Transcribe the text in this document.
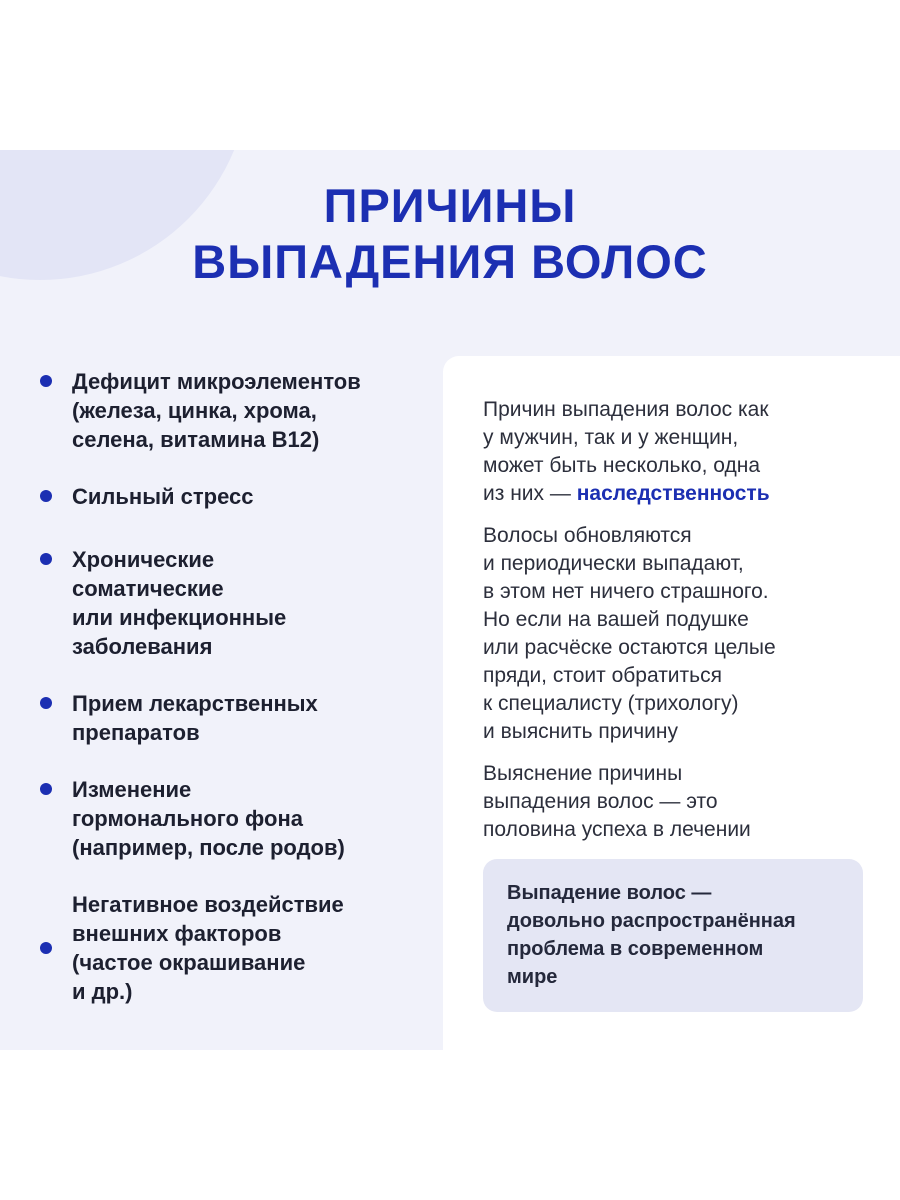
ПРИЧИНЫ
ВЫПАДЕНИЯ ВОЛОС
Дефицит микроэлементов
(железа, цинка, хрома,
селена, витамина В12)
Сильный стресс
Хронические
соматические
или инфекционные
заболевания
Прием лекарственных
препаратов
Изменение
гормонального фона
(например, после родов)
Негативное воздействие
внешних факторов
(частое окрашивание
и др.)
Причин выпадения волос как
у мужчин, так и у женщин,
может быть несколько, одна
из них — наследственность
Волосы обновляются
и периодически выпадают,
в этом нет ничего страшного.
Но если на вашей подушке
или расчёске остаются целые
пряди, стоит обратиться
к специалисту (трихологу)
и выяснить причину
Выяснение причины
выпадения волос — это
половина успеха в лечении
Выпадение волос —
довольно распространённая
проблема в современном
мире
